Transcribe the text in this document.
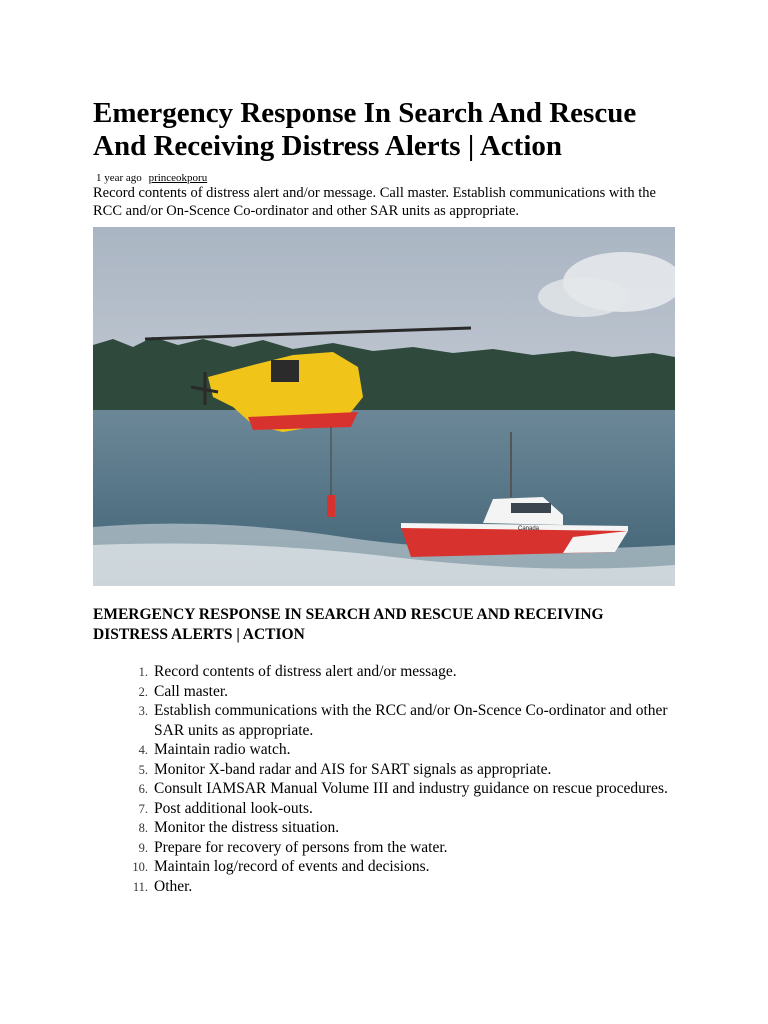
Emergency Response In Search And Rescue And Receiving Distress Alerts | Action
1 year ago princeokporu

Record contents of distress alert and/or message. Call master. Establish communications with the RCC and/or On-Scence Co-ordinator and other SAR units as appropriate.

Canada
EMERGENCY RESPONSE IN SEARCH AND RESCUE AND RECEIVING DISTRESS ALERTS | ACTION
1 . Record contents of distress alert and/or message.
2 . Call master.
3 . Establish communications with the RCC and/or On-Scence Co-ordinator and other SAR units as appropriate.
4 . Maintain radio watch.
5 . Monitor X-band radar and AIS for SART signals as appropriate.
6 . Consult IAMSAR Manual Volume III and industry guidance on rescue procedures.
7 . Post additional look-outs.
8 . Monitor the distress situation.
9 . Prepare for recovery of persons from the water.
10 . Maintain log/record of events and decisions.
11 . Other.
